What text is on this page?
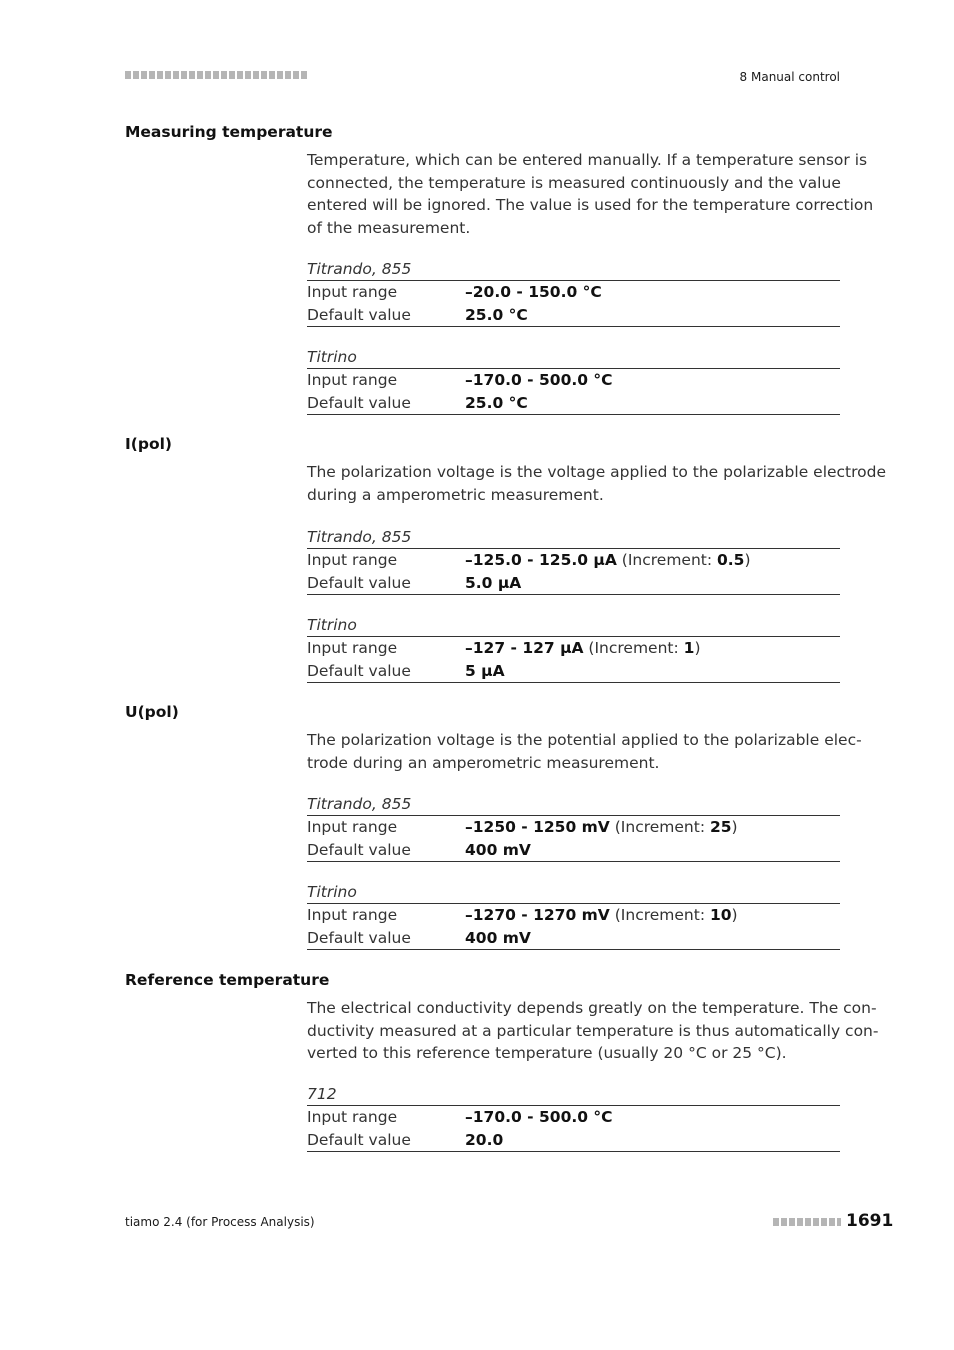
8 Manual control
Measuring temperature
Temperature, which can be entered manually. If a temperature sensor is
connected, the temperature is measured continuously and the value
entered will be ignored. The value is used for the temperature correction
of the measurement.
Titrando, 855
Input range	–20.0 - 150.0 °C
Default value	25.0 °C
Titrino
Input range	–170.0 - 500.0 °C
Default value	25.0 °C
I(pol)
The polarization voltage is the voltage applied to the polarizable electrode
during a amperometric measurement.
Titrando, 855
Input range	–125.0 - 125.0 µA (Increment: 0.5)
Default value	5.0 µA
Titrino
Input range	–127 - 127 µA (Increment: 1)
Default value	5 µA
U(pol)
The polarization voltage is the potential applied to the polarizable elec-
trode during an amperometric measurement.
Titrando, 855
Input range	–1250 - 1250 mV (Increment: 25)
Default value	400 mV
Titrino
Input range	–1270 - 1270 mV (Increment: 10)
Default value	400 mV
Reference temperature
The electrical conductivity depends greatly on the temperature. The con-
ductivity measured at a particular temperature is thus automatically con-
verted to this reference temperature (usually 20 °C or 25 °C).
712
Input range	–170.0 - 500.0 °C
Default value	20.0
tiamo 2.4 (for Process Analysis)	1691
